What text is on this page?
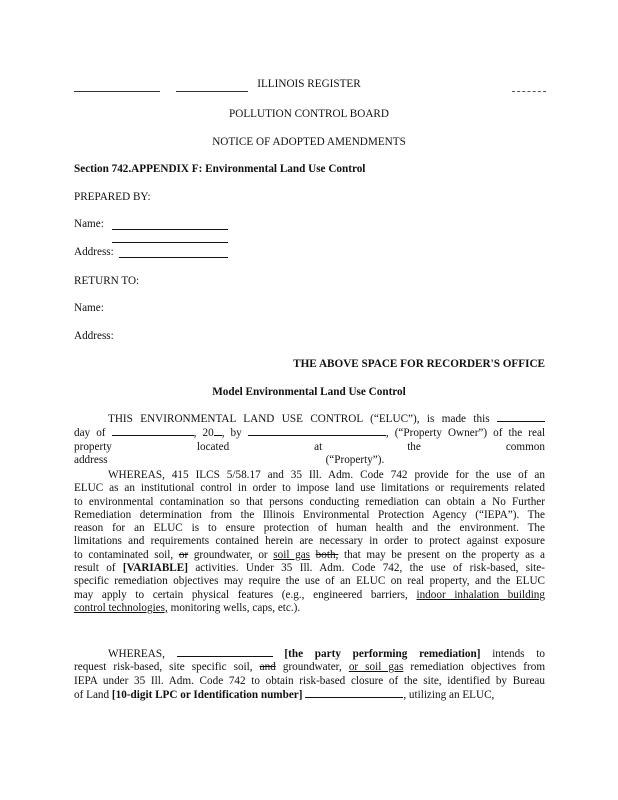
ILLINOIS REGISTER
POLLUTION CONTROL BOARD
NOTICE OF ADOPTED AMENDMENTS
Section 742.APPENDIX F: Environmental Land Use Control
PREPARED BY:
Name:
Address:
RETURN TO:
Name:
Address:
THE ABOVE SPACE FOR RECORDER'S OFFICE
Model Environmental Land Use Control
THIS ENVIRONMENTAL LAND USE CONTROL (“ELUC”), is made this
day of	, 20 , by	, (“Property Owner”) of the real
property	located	at	the	common
address	(“Property”).
WHEREAS, 415 ILCS 5/58.17 and 35 Ill. Adm. Code 742 provide for the use of an
ELUC as an institutional control in order to impose land use limitations or requirements related
to environmental contamination so that persons conducting remediation can obtain a No Further
Remediation determination from the Illinois Environmental Protection Agency (“IEPA”). The
reason for an ELUC is to ensure protection of human health and the environment. The
limitations and requirements contained herein are necessary in order to protect against exposure
to contaminated soil, or groundwater, or soil gas both, that may be present on the property as a
result of [VARIABLE] activities. Under 35 Ill. Adm. Code 742, the use of risk-based, site-
specific remediation objectives may require the use of an ELUC on real property, and the ELUC
may apply to certain physical features (e.g., engineered barriers, indoor inhalation building
control technologies, monitoring wells, caps, etc.).
WHEREAS,	[the party performing remediation] intends to
request risk-based, site specific soil, and groundwater, or soil gas remediation objectives from
IEPA under 35 Ill. Adm. Code 742 to obtain risk-based closure of the site, identified by Bureau
of Land [10-digit LPC or Identification number]	, utilizing an ELUC,
